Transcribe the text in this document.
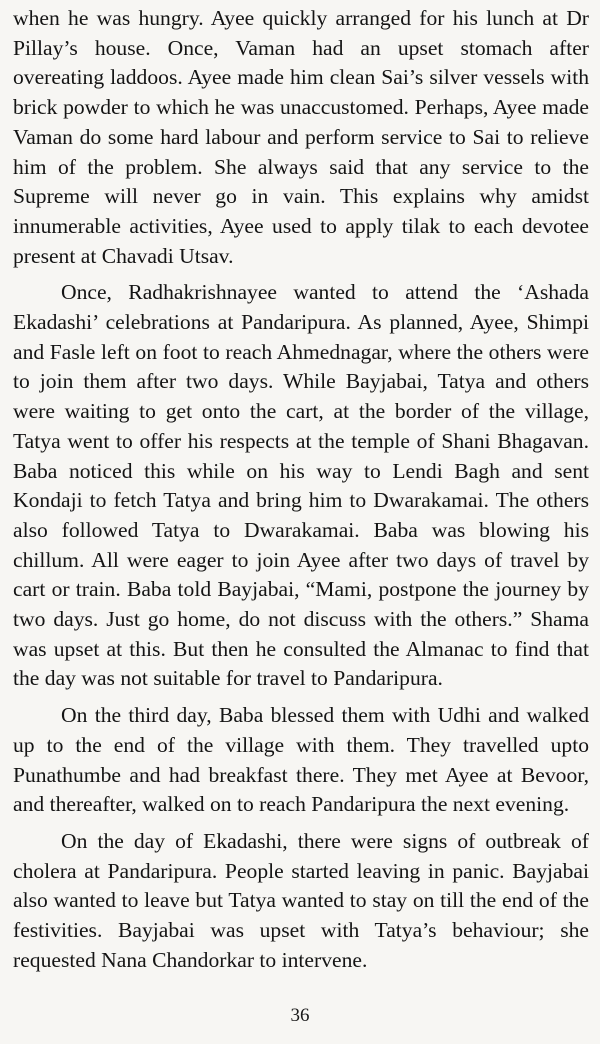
when he was hungry. Ayee quickly arranged for his lunch at Dr Pillay’s house. Once, Vaman had an upset stomach after overeating laddoos. Ayee made him clean Sai’s silver vessels with brick powder to which he was unaccustomed. Perhaps, Ayee made Vaman do some hard labour and perform service to Sai to relieve him of the problem. She always said that any service to the Supreme will never go in vain. This explains why amidst innumerable activities, Ayee used to apply tilak to each devotee present at Chavadi Utsav.

Once, Radhakrishnayee wanted to attend the ‘Ashada Ekadashi’ celebrations at Pandaripura. As planned, Ayee, Shimpi and Fasle left on foot to reach Ahmednagar, where the others were to join them after two days. While Bayjabai, Tatya and others were waiting to get onto the cart, at the border of the village, Tatya went to offer his respects at the temple of Shani Bhagavan. Baba noticed this while on his way to Lendi Bagh and sent Kondaji to fetch Tatya and bring him to Dwarakamai. The others also followed Tatya to Dwarakamai. Baba was blowing his chillum. All were eager to join Ayee after two days of travel by cart or train. Baba told Bayjabai, “Mami, postpone the journey by two days. Just go home, do not discuss with the others.” Shama was upset at this. But then he consulted the Almanac to find that the day was not suitable for travel to Pandaripura.

On the third day, Baba blessed them with Udhi and walked up to the end of the village with them. They travelled upto Punathumbe and had breakfast there. They met Ayee at Bevoor, and thereafter, walked on to reach Pandaripura the next evening.

On the day of Ekadashi, there were signs of outbreak of cholera at Pandaripura. People started leaving in panic. Bayjabai also wanted to leave but Tatya wanted to stay on till the end of the festivities. Bayjabai was upset with Tatya’s behaviour; she requested Nana Chandorkar to intervene.

36
